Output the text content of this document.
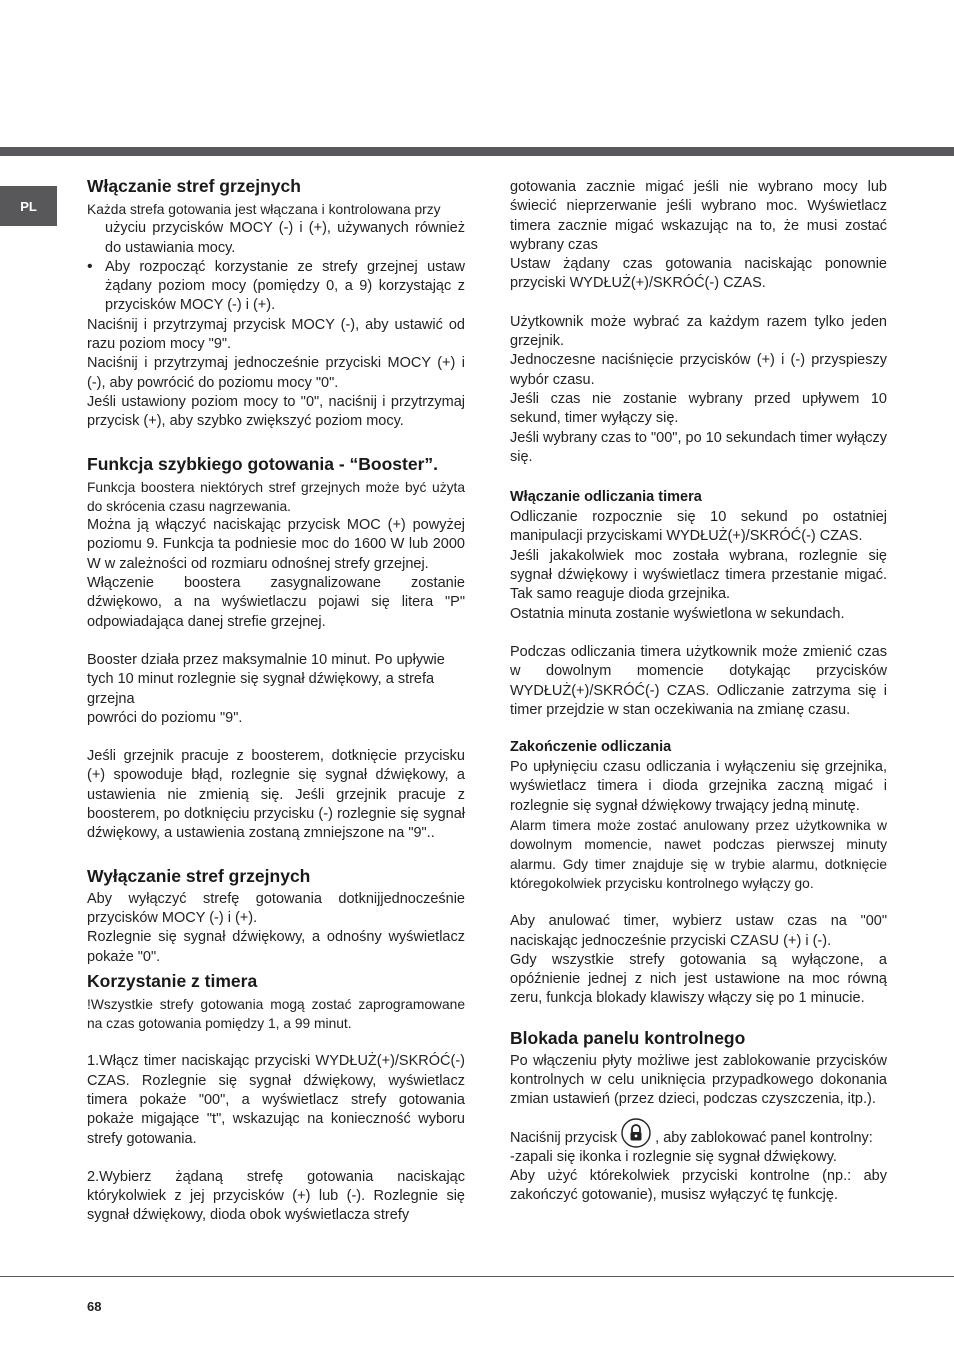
PL
Włączanie stref grzejnych

Każda strefa gotowania jest włączana i kontrolowana przy

użyciu przycisków MOCY (-) i (+), używanych również do ustawiania mocy.

• Aby rozpocząć korzystanie ze strefy grzejnej ustaw żądany poziom mocy (pomiędzy 0, a 9) korzystając z przycisków MOCY (-) i (+).

Naciśnij i przytrzymaj przycisk MOCY (-), aby ustawić od razu poziom mocy "9".

Naciśnij i przytrzymaj jednocześnie przyciski MOCY (+) i (-), aby powrócić do poziomu mocy "0".

Jeśli ustawiony poziom mocy to "0", naciśnij i przytrzymaj przycisk (+), aby szybko zwiększyć poziom mocy.

Funkcja szybkiego gotowania - “Booster”.

Funkcja boostera niektórych stref grzejnych może być użyta do skrócenia czasu nagrzewania.

Można ją włączyć naciskając przycisk MOC (+) powyżej poziomu 9. Funkcja ta podniesie moc do 1600 W lub 2000 W w zależności od rozmiaru odnośnej strefy grzejnej.

Włączenie boostera zasygnalizowane zostanie dźwiękowo, a na wyświetlaczu pojawi się litera "P" odpowiadająca danej strefie grzejnej.

Booster działa przez maksymalnie 10 minut. Po upływie tych 10 minut rozlegnie się sygnał dźwiękowy, a strefa grzejna

powróci do poziomu "9".

Jeśli grzejnik pracuje z boosterem, dotknięcie przycisku (+) spowoduje błąd, rozlegnie się sygnał dźwiękowy, a ustawienia nie zmienią się. Jeśli grzejnik pracuje z boosterem, po dotknięciu przycisku (-) rozlegnie się sygnał dźwiękowy, a ustawienia zostaną zmniejszone na "9"..

Wyłączanie stref grzejnych

Aby wyłączyć strefę gotowania dotknijjednocześnie przycisków MOCY (-) i (+).

Rozlegnie się sygnał dźwiękowy, a odnośny wyświetlacz pokaże "0".

Korzystanie z timera

!Wszystkie strefy gotowania mogą zostać zaprogramowane na czas gotowania pomiędzy 1, a 99 minut.

1.Włącz timer naciskając przyciski WYDŁUŻ(+)/SKRÓĆ(-) CZAS. Rozlegnie się sygnał dźwiękowy, wyświetlacz timera pokaże "00", a wyświetlacz strefy gotowania pokaże migające "t", wskazując na konieczność wyboru strefy gotowania.

2.Wybierz żądaną strefę gotowania naciskając którykolwiek z jej przycisków (+) lub (-). Rozlegnie się sygnał dźwiękowy, dioda obok wyświetlacza strefy

gotowania zacznie migać jeśli nie wybrano mocy lub świecić nieprzerwanie jeśli wybrano moc. Wyświetlacz timera zacznie migać wskazując na to, że musi zostać wybrany czas

Ustaw żądany czas gotowania naciskając ponownie przyciski WYDŁUŻ(+)/SKRÓĆ(-) CZAS.

Użytkownik może wybrać za każdym razem tylko jeden grzejnik.

Jednoczesne naciśnięcie przycisków (+) i (-) przyspieszy wybór czasu.

Jeśli czas nie zostanie wybrany przed upływem 10 sekund, timer wyłączy się.

Jeśli wybrany czas to "00", po 10 sekundach timer wyłączy się.

Włączanie odliczania timera

Odliczanie rozpocznie się 10 sekund po ostatniej manipulacji przyciskami WYDŁUŻ(+)/SKRÓĆ(-) CZAS.

Jeśli jakakolwiek moc została wybrana, rozlegnie się sygnał dźwiękowy i wyświetlacz timera przestanie migać. Tak samo reaguje dioda grzejnika.

Ostatnia minuta zostanie wyświetlona w sekundach.

Podczas odliczania timera użytkownik może zmienić czas w dowolnym momencie dotykając przycisków WYDŁUŻ(+)/SKRÓĆ(-) CZAS. Odliczanie zatrzyma się i timer przejdzie w stan oczekiwania na zmianę czasu.

Zakończenie odliczania

Po upłynięciu czasu odliczania i wyłączeniu się grzejnika, wyświetlacz timera i dioda grzejnika zaczną migać i rozlegnie się sygnał dźwiękowy trwający jedną minutę.

Alarm timera może zostać anulowany przez użytkownika w dowolnym momencie, nawet podczas pierwszej minuty alarmu. Gdy timer znajduje się w trybie alarmu, dotknięcie któregokolwiek przycisku kontrolnego wyłączy go.

Aby anulować timer, wybierz ustaw czas na "00" naciskając jednocześnie przyciski CZASU (+) i (-).

Gdy wszystkie strefy gotowania są wyłączone, a opóźnienie jednej z nich jest ustawione na moc równą zeru, funkcja blokady klawiszy włączy się po 1 minucie.

Blokada panelu kontrolnego

Po włączeniu płyty możliwe jest zablokowanie przycisków kontrolnych w celu uniknięcia przypadkowego dokonania zmian ustawień (przez dzieci, podczas czyszczenia, itp.).

Naciśnij przycisk	, aby zablokować panel kontrolny:

-zapali się ikonka i rozlegnie się sygnał dźwiękowy.

Aby użyć którekolwiek przyciski kontrolne (np.: aby zakończyć gotowanie), musisz wyłączyć tę funkcję.

68
